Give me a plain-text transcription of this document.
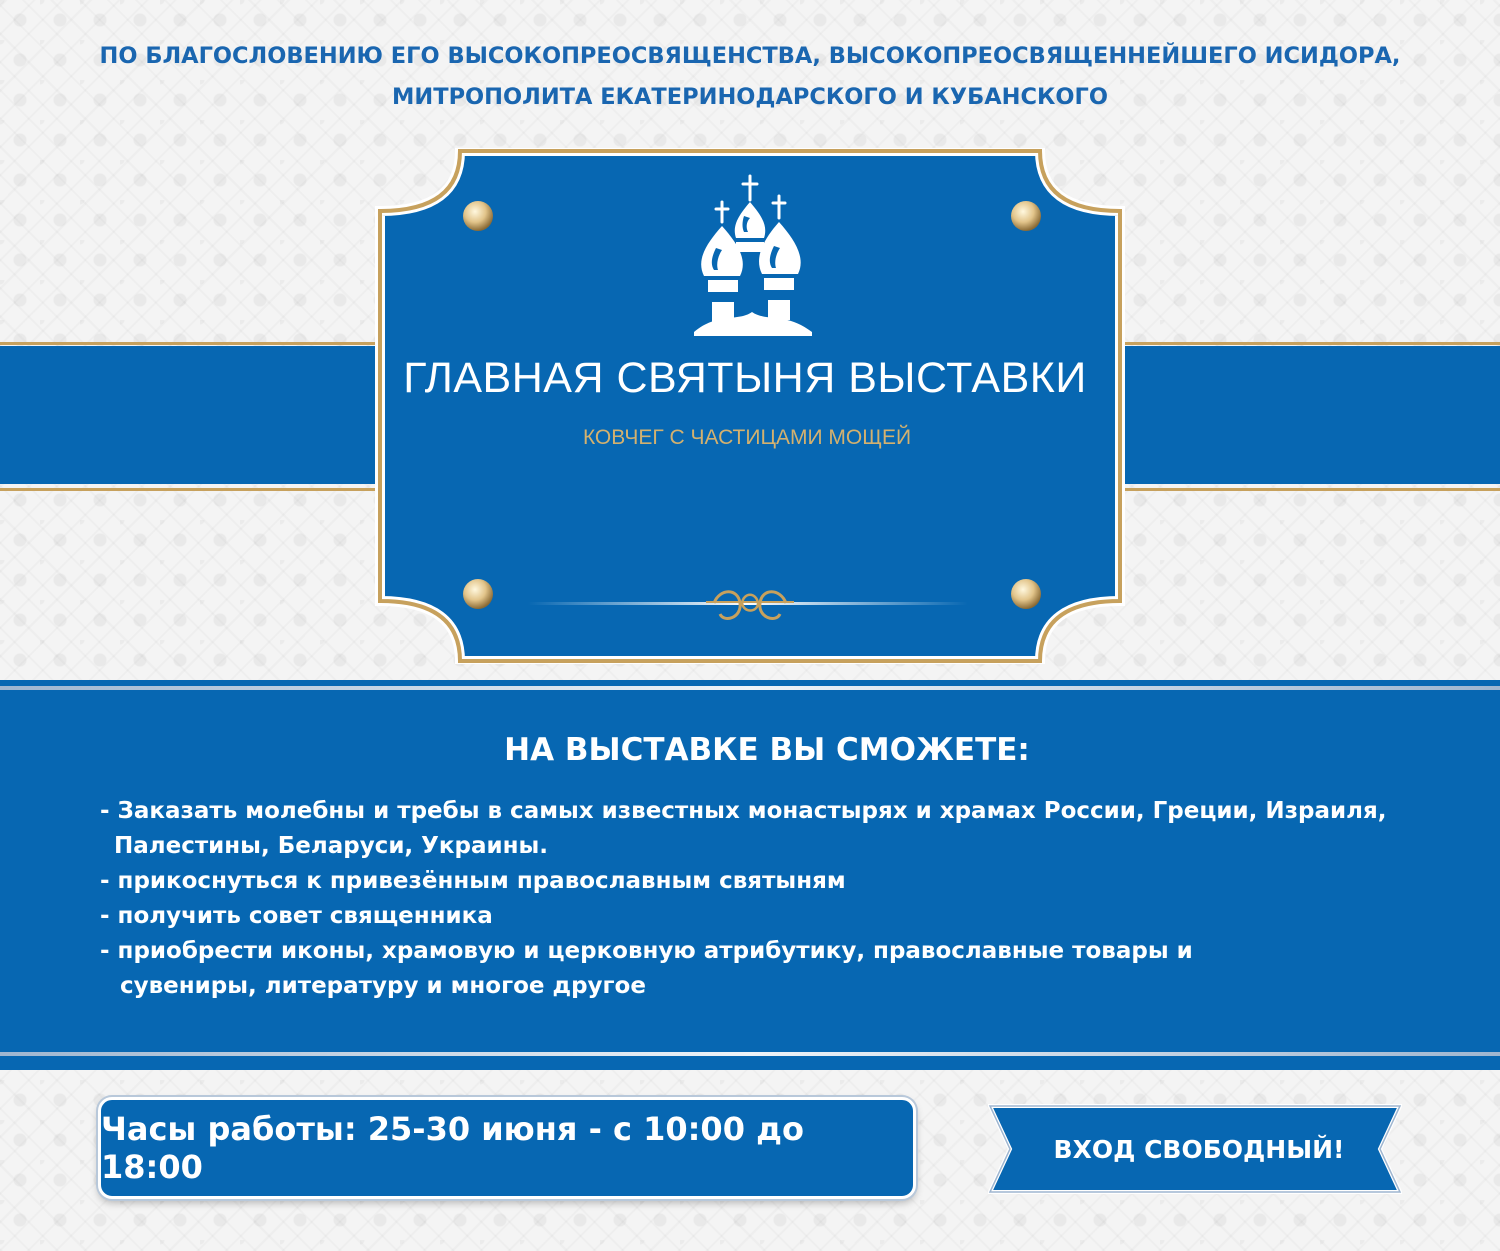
ПО БЛАГОСЛОВЕНИЮ ЕГО ВЫСОКОПРЕОСВЯЩЕНСТВА, ВЫСОКОПРЕОСВЯЩЕННЕЙШЕГО ИСИДОРА,
МИТРОПОЛИТА ЕКАТЕРИНОДАРСКОГО И КУБАНСКОГО
ГЛАВНАЯ СВЯТЫНЯ ВЫСТАВКИ
КОВЧЕГ С ЧАСТИЦАМИ МОЩЕЙ
НА ВЫСТАВКЕ ВЫ СМОЖЕТЕ:
- Заказать молебны и требы в самых известных монастырях и храмах России, Греции, Израиля,
Палестины, Беларуси, Украины.
- прикоснуться к привезённым православным святыням
- получить совет священника
- приобрести иконы, храмовую и церковную атрибутику, православные товары и
сувениры, литературу и многое другое
Часы работы: 25-30 июня - с 10:00 до 18:00	ВХОД СВОБОДНЫЙ!
